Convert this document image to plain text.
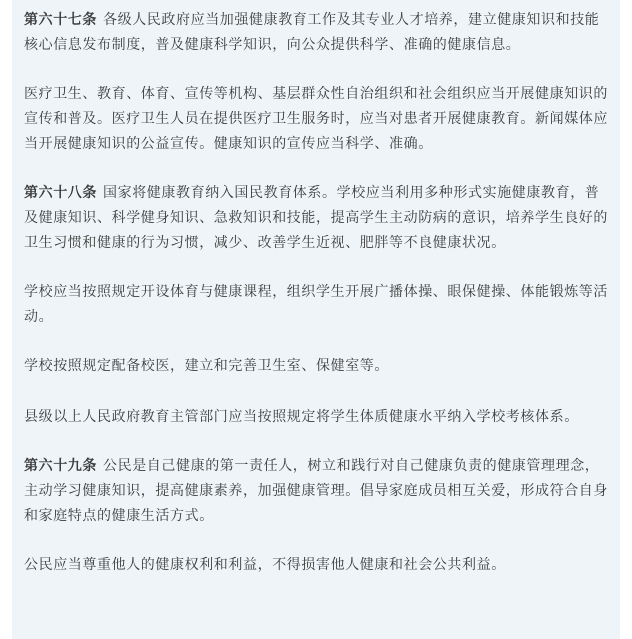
第六十七条 各级人民政府应当加强健康教育工作及其专业人才培养，建立健康知识和技能核心信息发布制度，普及健康科学知识，向公众提供科学、准确的健康信息。

医疗卫生、教育、体育、宣传等机构、基层群众性自治组织和社会组织应当开展健康知识的宣传和普及。医疗卫生人员在提供医疗卫生服务时，应当对患者开展健康教育。新闻媒体应当开展健康知识的公益宣传。健康知识的宣传应当科学、准确。

第六十八条 国家将健康教育纳入国民教育体系。学校应当利用多种形式实施健康教育，普及健康知识、科学健身知识、急救知识和技能，提高学生主动防病的意识，培养学生良好的卫生习惯和健康的行为习惯，减少、改善学生近视、肥胖等不良健康状况。

学校应当按照规定开设体育与健康课程，组织学生开展广播体操、眼保健操、体能锻炼等活动。

学校按照规定配备校医，建立和完善卫生室、保健室等。

县级以上人民政府教育主管部门应当按照规定将学生体质健康水平纳入学校考核体系。

第六十九条 公民是自己健康的第一责任人，树立和践行对自己健康负责的健康管理理念，主动学习健康知识，提高健康素养，加强健康管理。倡导家庭成员相互关爱，形成符合自身和家庭特点的健康生活方式。

公民应当尊重他人的健康权利和利益，不得损害他人健康和社会公共利益。
